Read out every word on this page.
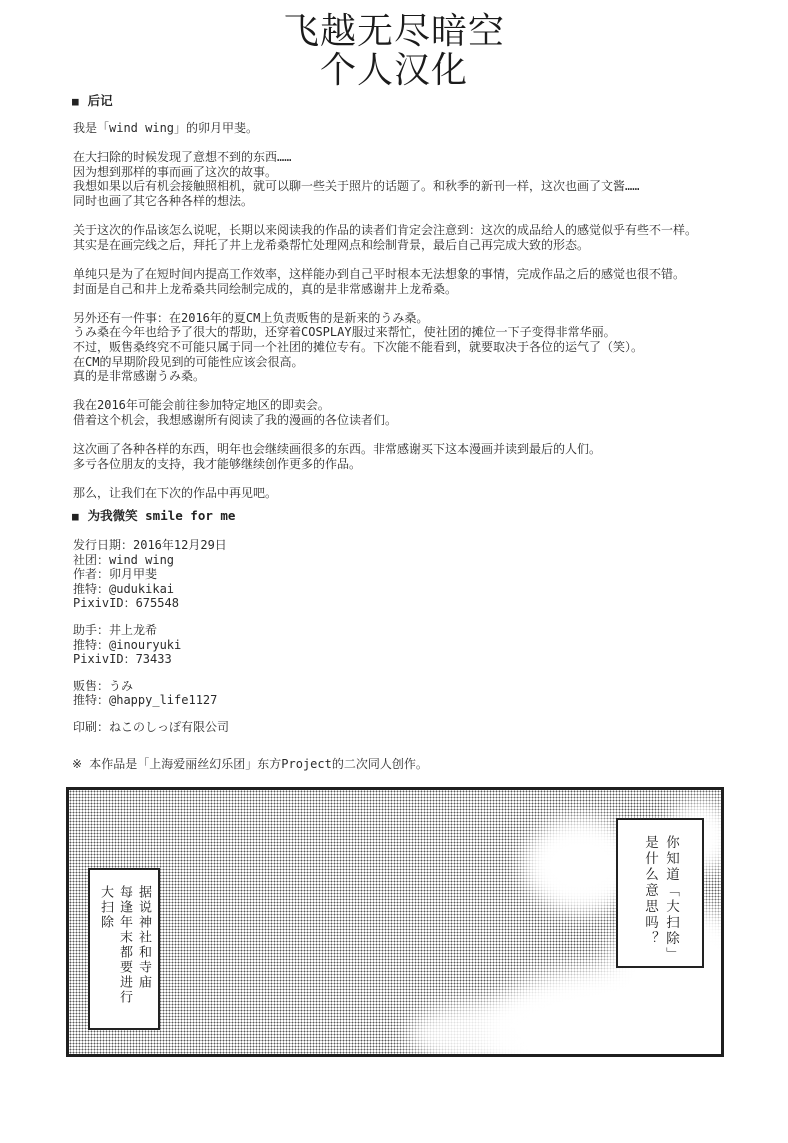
飞越无尽暗空
个人汉化
■ 后记
我是「wind wing」的卯月甲斐。
在大扫除的时候发现了意想不到的东西……
因为想到那样的事而画了这次的故事。
我想如果以后有机会接触照相机，就可以聊一些关于照片的话题了。和秋季的新刊一样，这次也画了文酱……
同时也画了其它各种各样的想法。
关于这次的作品该怎么说呢，长期以来阅读我的作品的读者们肯定会注意到：这次的成品给人的感觉似乎有些不一样。
其实是在画完线之后，拜托了井上龙希桑帮忙处理网点和绘制背景，最后自己再完成大致的形态。
单纯只是为了在短时间内提高工作效率，这样能办到自己平时根本无法想象的事情，完成作品之后的感觉也很不错。
封面是自己和井上龙希桑共同绘制完成的，真的是非常感谢井上龙希桑。
另外还有一件事：在2016年的夏CM上负责贩售的是新来的うみ桑。
うみ桑在今年也给予了很大的帮助，还穿着COSPLAY服过来帮忙，使社团的摊位一下子变得非常华丽。
不过，贩售桑终究不可能只属于同一个社团的摊位专有。下次能不能看到，就要取决于各位的运气了（笑）。
在CM的早期阶段见到的可能性应该会很高。
真的是非常感谢うみ桑。
我在2016年可能会前往参加特定地区的即卖会。
借着这个机会，我想感谢所有阅读了我的漫画的各位读者们。
这次画了各种各样的东西，明年也会继续画很多的东西。非常感谢买下这本漫画并读到最后的人们。
多亏各位朋友的支持，我才能够继续创作更多的作品。
那么，让我们在下次的作品中再见吧。
■ 为我微笑 smile for me
发行日期：2016年12月29日
社团：wind wing
作者：卯月甲斐
推特：@udukikai
PixivID：675548
助手：井上龙希
推特：@inouryuki
PixivID：73433
贩售：うみ
推特：@happy_life1127
印刷：ねこのしっぽ有限公司
※ 本作品是「上海爱丽丝幻乐团」东方Project的二次同人创作。
你知道「大扫除」
是什么意思吗？
据说神社和寺庙
每逢年末都要进行
大扫除
